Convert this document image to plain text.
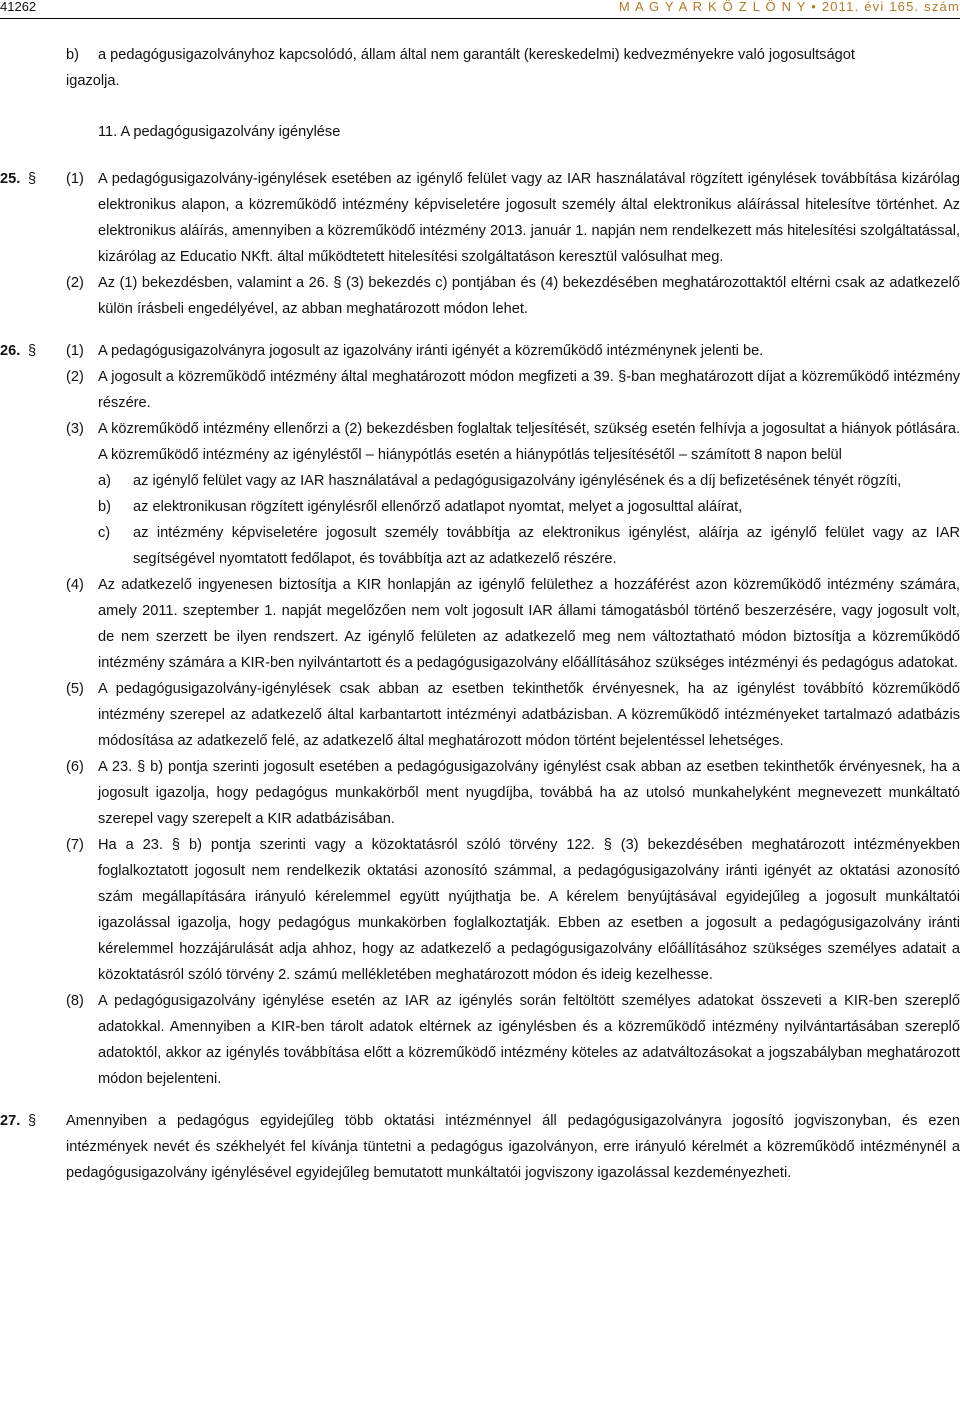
41262	M A G Y A R K Ö Z L Ö N Y • 2011. évi 165. szám
b)	a pedagógusigazolványhoz kapcsolódó, állam által nem garantált (kereskedelmi) kedvezményekre való jogosultságot
igazolja.
11. A pedagógusigazolvány igénylése
25. §	(1) A pedagógusigazolvány-igénylések esetében az igénylő felület vagy az IAR használatával rögzített igénylések továbbítása kizárólag elektronikus alapon, a közreműködő intézmény képviseletére jogosult személy által elektronikus aláírással hitelesítve történhet. Az elektronikus aláírás, amennyiben a közreműködő intézmény 2013. január 1. napján nem rendelkezett más hitelesítési szolgáltatással, kizárólag az Educatio NKft. által működtetett hitelesítési szolgáltatáson keresztül valósulhat meg.
(2) Az (1) bekezdésben, valamint a 26. § (3) bekezdés c) pontjában és (4) bekezdésében meghatározottaktól eltérni csak az adatkezelő külön írásbeli engedélyével, az abban meghatározott módon lehet.
26. §	(1) A pedagógusigazolványra jogosult az igazolvány iránti igényét a közreműködő intézménynek jelenti be.
(2) A jogosult a közreműködő intézmény által meghatározott módon megfizeti a 39. §-ban meghatározott díjat a közreműködő intézmény részére.
(3) A közreműködő intézmény ellenőrzi a (2) bekezdésben foglaltak teljesítését, szükség esetén felhívja a jogosultat a hiányok pótlására. A közreműködő intézmény az igényléstől – hiánypótlás esetén a hiánypótlás teljesítésétől – számított 8 napon belül
a)	az igénylő felület vagy az IAR használatával a pedagógusigazolvány igénylésének és a díj befizetésének tényét rögzíti,
b)	az elektronikusan rögzített igénylésről ellenőrző adatlapot nyomtat, melyet a jogosulttal aláírat,
c)	az intézmény képviseletére jogosult személy továbbítja az elektronikus igénylést, aláírja az igénylő felület vagy az IAR segítségével nyomtatott fedőlapot, és továbbítja azt az adatkezelő részére.
(4) Az adatkezelő ingyenesen biztosítja a KIR honlapján az igénylő felülethez a hozzáférést azon közreműködő intézmény számára, amely 2011. szeptember 1. napját megelőzően nem volt jogosult IAR állami támogatásból történő beszerzésére, vagy jogosult volt, de nem szerzett be ilyen rendszert. Az igénylő felületen az adatkezelő meg nem változtatható módon biztosítja a közreműködő intézmény számára a KIR-ben nyilvántartott és a pedagógusigazolvány előállításához szükséges intézményi és pedagógus adatokat.
(5) A pedagógusigazolvány-igénylések csak abban az esetben tekinthetők érvényesnek, ha az igénylést továbbító közreműködő intézmény szerepel az adatkezelő által karbantartott intézményi adatbázisban. A közreműködő intézményeket tartalmazó adatbázis módosítása az adatkezelő felé, az adatkezelő által meghatározott módon történt bejelentéssel lehetséges.
(6) A 23. § b) pontja szerinti jogosult esetében a pedagógusigazolvány igénylést csak abban az esetben tekinthetők érvényesnek, ha a jogosult igazolja, hogy pedagógus munkakörből ment nyugdíjba, továbbá ha az utolsó munkahelyként megnevezett munkáltató szerepel vagy szerepelt a KIR adatbázisában.
(7) Ha a 23. § b) pontja szerinti vagy a közoktatásról szóló törvény 122. § (3) bekezdésében meghatározott intézményekben foglalkoztatott jogosult nem rendelkezik oktatási azonosító számmal, a pedagógusigazolvány iránti igényét az oktatási azonosító szám megállapítására irányuló kérelemmel együtt nyújthatja be. A kérelem benyújtásával egyidejűleg a jogosult munkáltatói igazolással igazolja, hogy pedagógus munkakörben foglalkoztatják. Ebben az esetben a jogosult a pedagógusigazolvány iránti kérelemmel hozzájárulását adja ahhoz, hogy az adatkezelő a pedagógusigazolvány előállításához szükséges személyes adatait a közoktatásról szóló törvény 2. számú mellékletében meghatározott módon és ideig kezelhesse.
(8) A pedagógusigazolvány igénylése esetén az IAR az igénylés során feltöltött személyes adatokat összeveti a KIR-ben szereplő adatokkal. Amennyiben a KIR-ben tárolt adatok eltérnek az igénylésben és a közreműködő intézmény nyilvántartásában szereplő adatoktól, akkor az igénylés továbbítása előtt a közreműködő intézmény köteles az adatváltozásokat a jogszabályban meghatározott módon bejelenteni.
27. §	Amennyiben a pedagógus egyidejűleg több oktatási intézménnyel áll pedagógusigazolványra jogosító jogviszonyban, és ezen intézmények nevét és székhelyét fel kívánja tüntetni a pedagógus igazolványon, erre irányuló kérelmét a közreműködő intézménynél a pedagógusigazolvány igénylésével egyidejűleg bemutatott munkáltatói jogviszony igazolással kezdeményezheti.
